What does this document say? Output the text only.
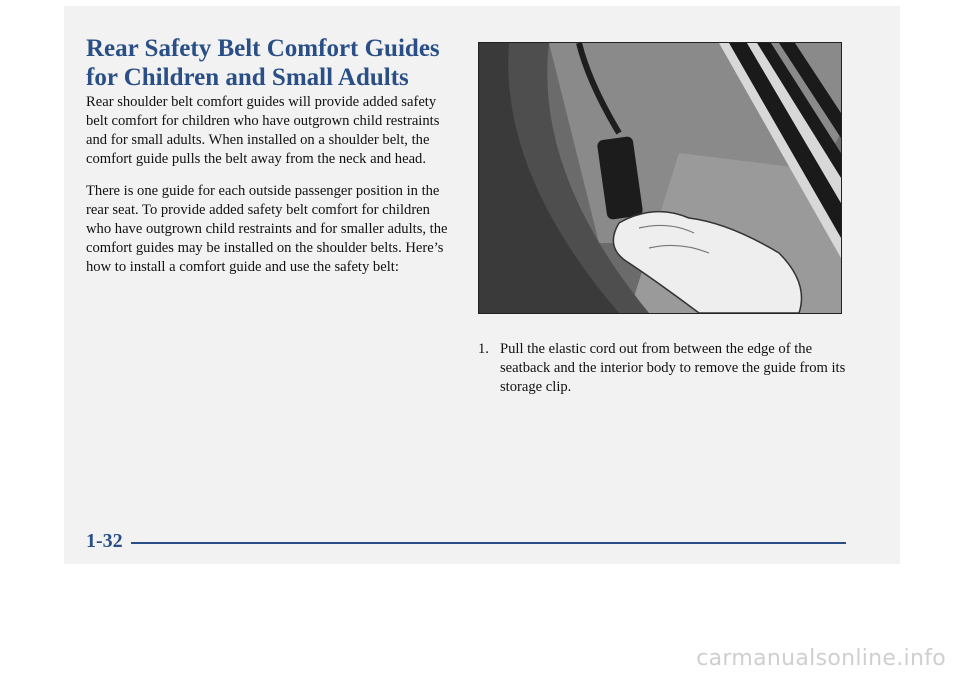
Rear Safety Belt Comfort Guides for Children and Small Adults

Rear shoulder belt comfort guides will provide added safety belt comfort for children who have outgrown child restraints and for small adults. When installed on a shoulder belt, the comfort guide pulls the belt away from the neck and head.

There is one guide for each outside passenger position in the rear seat. To provide added safety belt comfort for children who have outgrown child restraints and for smaller adults, the comfort guides may be installed on the shoulder belts. Here’s how to install a comfort guide and use the safety belt:

1. Pull the elastic cord out from between the edge of the seatback and the interior body to remove the guide from its storage clip.
1-32
carmanualsonline.info
